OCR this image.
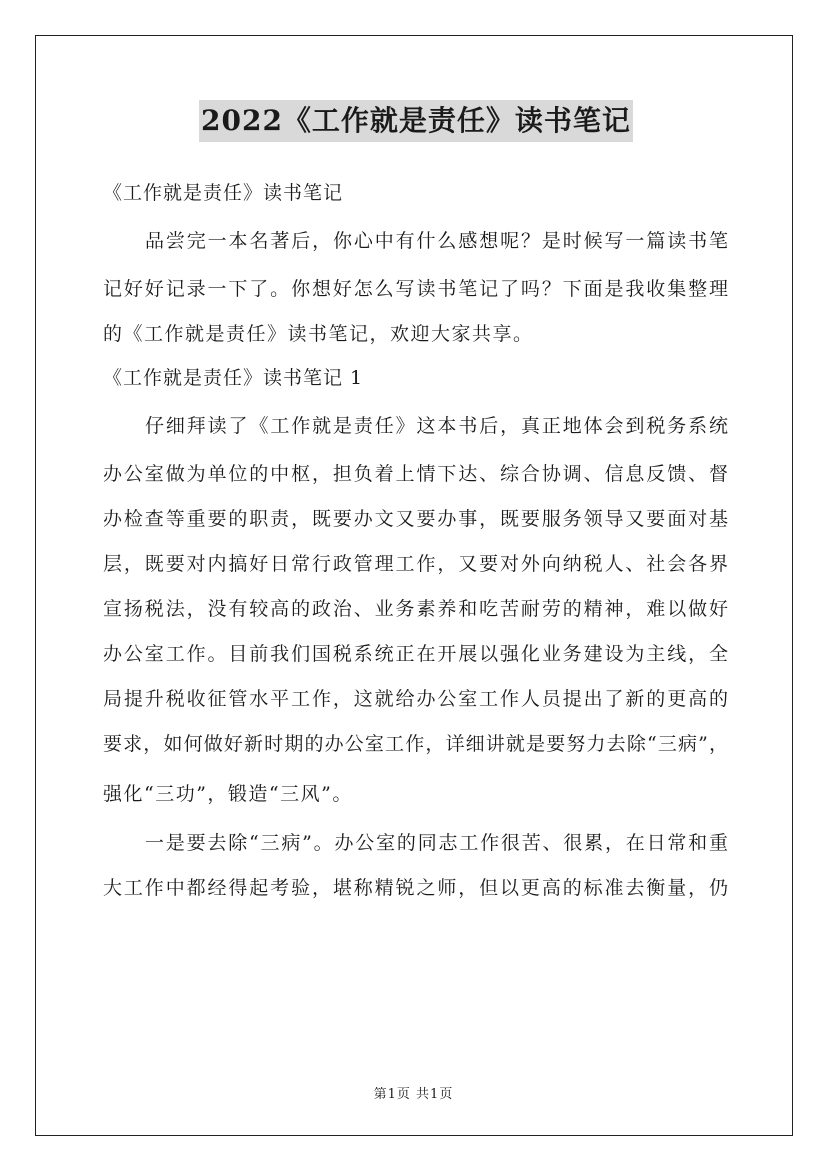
2022《工作就是责任》读书笔记
《工作就是责任》读书笔记
品尝完一本名著后，你心中有什么感想呢？是时候写一篇读书笔
记好好记录一下了。你想好怎么写读书笔记了吗？下面是我收集整理
的《工作就是责任》读书笔记，欢迎大家共享。
《工作就是责任》读书笔记 1
仔细拜读了《工作就是责任》这本书后，真正地体会到税务系统
办公室做为单位的中枢，担负着上情下达、综合协调、信息反馈、督
办检查等重要的职责，既要办文又要办事，既要服务领导又要面对基
层，既要对内搞好日常行政管理工作，又要对外向纳税人、社会各界
宣扬税法，没有较高的政治、业务素养和吃苦耐劳的精神，难以做好
办公室工作。目前我们国税系统正在开展以强化业务建设为主线，全
局提升税收征管水平工作，这就给办公室工作人员提出了新的更高的
要求，如何做好新时期的办公室工作，详细讲就是要努力去除“三病”，
强化“三功”，锻造“三风”。
一是要去除“三病”。办公室的同志工作很苦、很累，在日常和重
大工作中都经得起考验，堪称精锐之师，但以更高的标准去衡量，仍
第1页 共1页
